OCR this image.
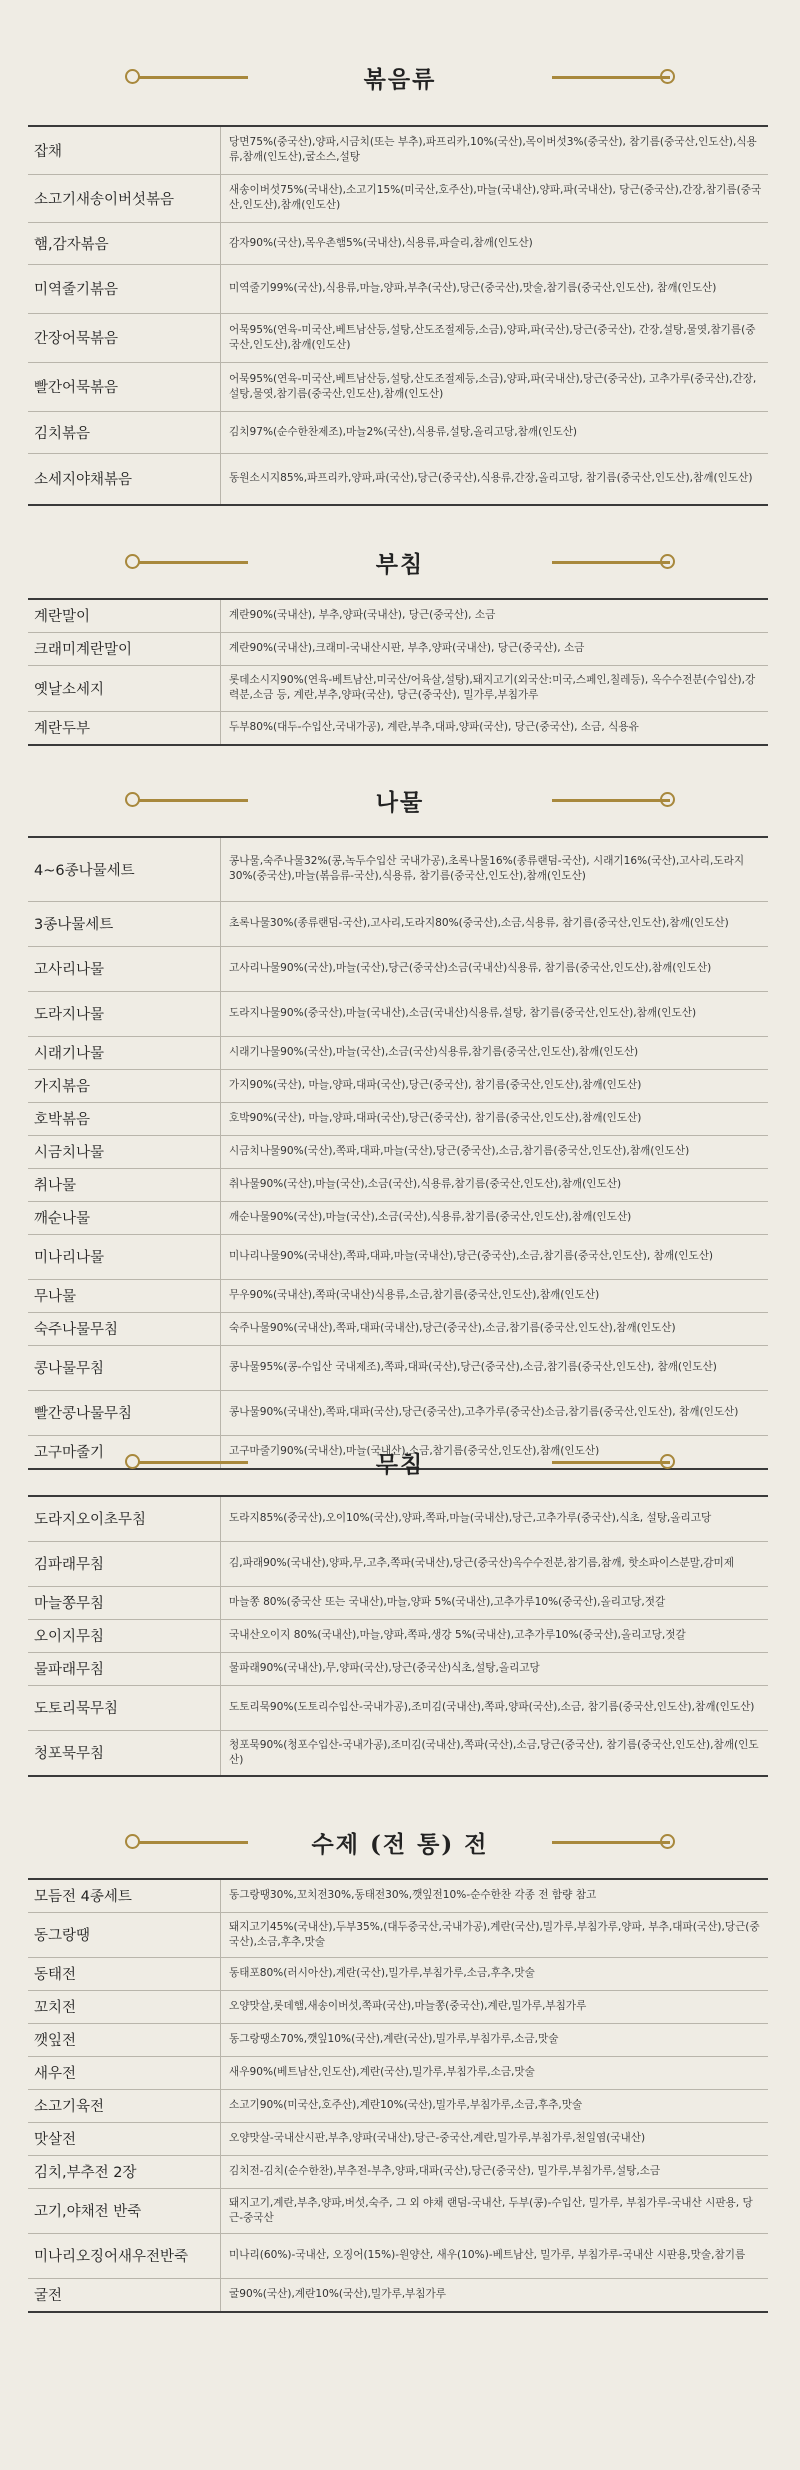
볶음류
잡채	당면75%(중국산),양파,시금치(또는 부추),파프리카,10%(국산),목이버섯3%(중국산), 참기름(중국산,인도산),식용류,참깨(인도산),굴소스,설탕
소고기새송이버섯볶음	새송이버섯75%(국내산),소고기15%(미국산,호주산),마늘(국내산),양파,파(국내산), 당근(중국산),간장,참기름(중국산,인도산),참깨(인도산)
햄,감자볶음	감자90%(국산),목우촌햄5%(국내산),식용류,파슬리,참깨(인도산)
미역줄기볶음	미역줄기99%(국산),식용류,마늘,양파,부추(국산),당근(중국산),맛술,참기름(중국산,인도산), 참깨(인도산)
간장어묵볶음	어묵95%(연육-미국산,베트남산등,설탕,산도조절제등,소금),양파,파(국산),당근(중국산), 간장,설탕,물엿,참기름(중국산,인도산),참깨(인도산)
빨간어묵볶음	어묵95%(연육-미국산,베트남산등,설탕,산도조절제등,소금),양파,파(국내산),당근(중국산), 고추가루(중국산),간장,설탕,물엿,참기름(중국산,인도산),참깨(인도산)
김치볶음	김치97%(순수한찬제조),마늘2%(국산),식용류,설탕,올리고당,참깨(인도산)
소세지야채볶음	동원소시지85%,파프리카,양파,파(국산),당근(중국산),식용류,간장,올리고당, 참기름(중국산,인도산),참깨(인도산)
부침
계란말이	계란90%(국내산), 부추,양파(국내산), 당근(중국산), 소금
크래미계란말이	계란90%(국내산),크래미-국내산시판, 부추,양파(국내산), 당근(중국산), 소금
옛날소세지	롯데소시지90%(연육-베트남산,미국산/어육살,설탕),돼지고기(외국산:미국,스페인,칠레등), 옥수수전분(수입산),강력분,소금 등, 계란,부추,양파(국산), 당근(중국산), 밀가루,부침가루
계란두부	두부80%(대두-수입산,국내가공), 계란,부추,대파,양파(국산), 당근(중국산), 소금, 식용유
나물
4~6종나물세트	콩나물,숙주나물32%(콩,녹두수입산 국내가공),초록나물16%(종류랜덤-국산), 시래기16%(국산),고사리,도라지30%(중국산),마늘(볶음류-국산),식용류, 참기름(중국산,인도산),참깨(인도산)
3종나물세트	초록나물30%(종류랜덤-국산),고사리,도라지80%(중국산),소금,식용류, 참기름(중국산,인도산),참깨(인도산)
고사리나물	고사리나물90%(국산),마늘(국산),당근(중국산)소금(국내산)식용류, 참기름(중국산,인도산),참깨(인도산)
도라지나물	도라지나물90%(중국산),마늘(국내산),소금(국내산)식용류,설탕, 참기름(중국산,인도산),참깨(인도산)
시래기나물	시래기나물90%(국산),마늘(국산),소금(국산)식용류,참기름(중국산,인도산),참깨(인도산)
가지볶음	가지90%(국산), 마늘,양파,대파(국산),당근(중국산), 참기름(중국산,인도산),참깨(인도산)
호박볶음	호박90%(국산), 마늘,양파,대파(국산),당근(중국산), 참기름(중국산,인도산),참깨(인도산)
시금치나물	시금치나물90%(국산),쪽파,대파,마늘(국산),당근(중국산),소금,참기름(중국산,인도산),참깨(인도산)
취나물	취나물90%(국산),마늘(국산),소금(국산),식용류,참기름(중국산,인도산),참깨(인도산)
깨순나물	깨순나물90%(국산),마늘(국산),소금(국산),식용류,참기름(중국산,인도산),참깨(인도산)
미나리나물	미나리나물90%(국내산),쪽파,대파,마늘(국내산),당근(중국산),소금,참기름(중국산,인도산), 참깨(인도산)
무나물	무우90%(국내산),쪽파(국내산)식용류,소금,참기름(중국산,인도산),참깨(인도산)
숙주나물무침	숙주나물90%(국내산),쪽파,대파(국내산),당근(중국산),소금,참기름(중국산,인도산),참깨(인도산)
콩나물무침	콩나물95%(콩-수입산 국내제조),쪽파,대파(국산),당근(중국산),소금,참기름(중국산,인도산), 참깨(인도산)
빨간콩나물무침	콩나물90%(국내산),쪽파,대파(국산),당근(중국산),고추가루(중국산)소금,참기름(중국산,인도산), 참깨(인도산)
고구마줄기	고구마줄기90%(국내산),마늘(국내산),소금,참기름(중국산,인도산),참깨(인도산)
무침
도라지오이초무침	도라지85%(중국산),오이10%(국산),양파,쪽파,마늘(국내산),당근,고추가루(중국산),식초, 설탕,올리고당
김파래무침	김,파래90%(국내산),양파,무,고추,쪽파(국내산),당근(중국산)옥수수전분,참기름,참깨, 핫소파이스분말,감미제
마늘쫑무침	마늘쫑 80%(중국산 또는 국내산),마늘,양파 5%(국내산),고추가루10%(중국산),올리고당,젓갈
오이지무침	국내산오이지 80%(국내산),마늘,양파,쪽파,생강 5%(국내산),고추가루10%(중국산),올리고당,젓갈
물파래무침	물파래90%(국내산),무,양파(국산),당근(중국산)식초,설탕,올리고당
도토리묵무침	도토리묵90%(도토리수입산-국내가공),조미김(국내산),쪽파,양파(국산),소금, 참기름(중국산,인도산),참깨(인도산)
청포묵무침	청포묵90%(청포수입산-국내가공),조미김(국내산),쪽파(국산),소금,당근(중국산), 참기름(중국산,인도산),참깨(인도산)
수제 (전 통) 전
모듬전 4종세트	동그랑땡30%,꼬치전30%,동태전30%,깻잎전10%-순수한찬 각종 전 함량 참고
동그랑땡	돼지고기45%(국내산),두부35%,(대두중국산,국내가공),계란(국산),밀가루,부침가루,양파, 부추,대파(국산),당근(중국산),소금,후추,맛술
동태전	동태포80%(러시아산),계란(국산),밀가루,부침가루,소금,후추,맛술
꼬치전	오양맛살,롯데햄,새송이버섯,쪽파(국산),마늘쫑(중국산),계란,밀가루,부침가루
깻잎전	동그랑땡소70%,깻잎10%(국산),계란(국산),밀가루,부침가루,소금,맛술
새우전	새우90%(베트남산,인도산),계란(국산),밀가루,부침가루,소금,맛술
소고기육전	소고기90%(미국산,호주산),계란10%(국산),밀가루,부침가루,소금,후추,맛술
맛살전	오양맛살-국내산시판,부추,양파(국내산),당근-중국산,계란,밀가루,부침가루,천일염(국내산)
김치,부추전 2장	김치전-김치(순수한찬),부추전-부추,양파,대파(국산),당근(중국산), 밀가루,부침가루,설탕,소금
고기,야채전 반죽	돼지고기,계란,부추,양파,버섯,숙주, 그 외 야채 랜덤-국내산, 두부(콩)-수입산, 밀가루, 부침가루-국내산 시판용, 당근-중국산
미나리오징어새우전반죽	미나리(60%)-국내산, 오징어(15%)-원양산, 새우(10%)-베트남산, 밀가루, 부침가루-국내산 시판용,맛술,참기름
굴전	굴90%(국산),계란10%(국산),밀가루,부침가루
